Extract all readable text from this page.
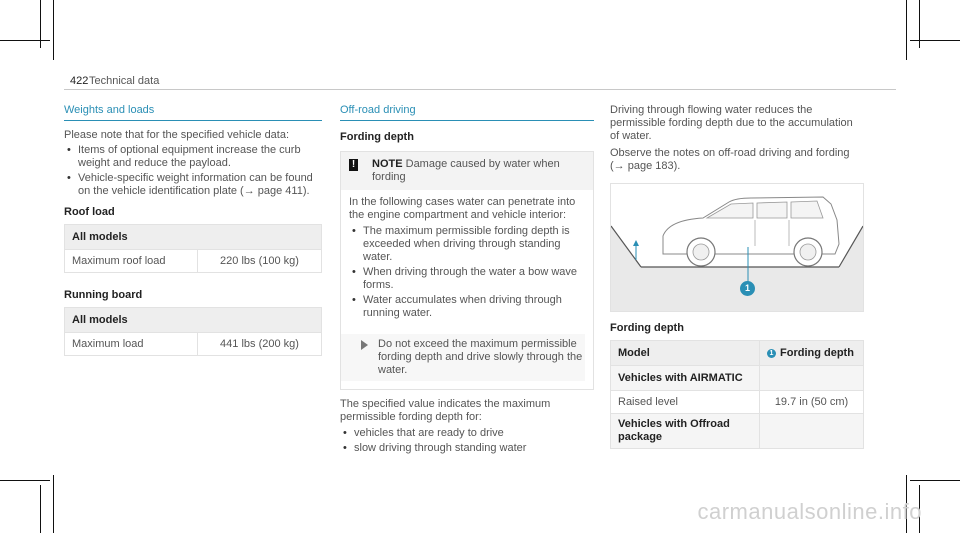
422 Technical data
Weights and loads
Please note that for the specified vehicle data:
• Items of optional equipment increase the curb weight and reduce the payload.
• Vehicle-specific weight information can be found on the vehicle identification plate (→ page 411).
Roof load
All models
Maximum roof load	220 lbs (100 kg)
Running board
All models
Maximum load	441 lbs (200 kg)
Off-road driving
Fording depth
! NOTE Damage caused by water when fording
In the following cases water can penetrate into the engine compartment and vehicle interior:
• The maximum permissible fording depth is exceeded when driving through standing water.
• When driving through the water a bow wave forms.
• Water accumulates when driving through running water.
Do not exceed the maximum permissible fording depth and drive slowly through the water.
The specified value indicates the maximum permissible fording depth for:
• vehicles that are ready to drive
• slow driving through standing water
Driving through flowing water reduces the permissible fording depth due to the accumulation of water.
Observe the notes on off-road driving and fording (→ page 183).
1
Fording depth
Model	1 Fording depth
Vehicles with AIRMATIC	
Raised level	19.7 in (50 cm)
Vehicles with Offroad package	
carmanualsonline.info
